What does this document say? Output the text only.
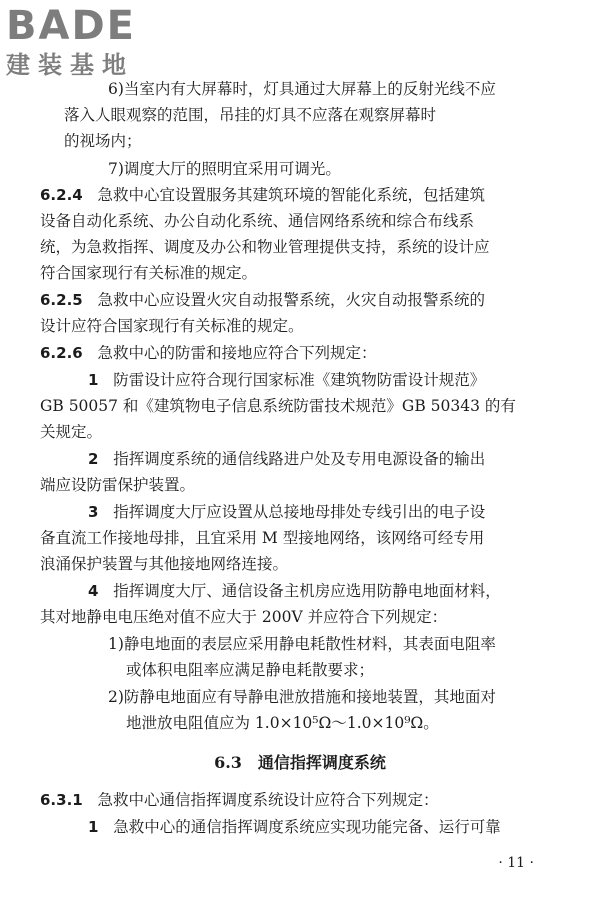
BADE
建装基地
6)当室内有大屏幕时，灯具通过大屏幕上的反射光线不应
落入人眼观察的范围，吊挂的灯具不应落在观察屏幕时
的视场内；
7)调度大厅的照明宜采用可调光。
6.2.4 急救中心宜设置服务其建筑环境的智能化系统，包括建筑
设备自动化系统、办公自动化系统、通信网络系统和综合布线系
统，为急救指挥、调度及办公和物业管理提供支持，系统的设计应
符合国家现行有关标准的规定。
6.2.5 急救中心应设置火灾自动报警系统，火灾自动报警系统的
设计应符合国家现行有关标准的规定。
6.2.6 急救中心的防雷和接地应符合下列规定：
1 防雷设计应符合现行国家标准《建筑物防雷设计规范》
GB 50057 和《建筑物电子信息系统防雷技术规范》GB 50343 的有
关规定。
2 指挥调度系统的通信线路进户处及专用电源设备的输出
端应设防雷保护装置。
3 指挥调度大厅应设置从总接地母排处专线引出的电子设
备直流工作接地母排，且宜采用 M 型接地网络，该网络可经专用
浪涌保护装置与其他接地网络连接。
4 指挥调度大厅、通信设备主机房应选用防静电地面材料，
其对地静电电压绝对值不应大于 200V 并应符合下列规定：
1)静电地面的表层应采用静电耗散性材料，其表面电阻率
或体积电阻率应满足静电耗散要求；
2)防静电地面应有导静电泄放措施和接地装置，其地面对
地泄放电阻值应为 1.0×10⁵Ω～1.0×10⁹Ω。
6.3　通信指挥调度系统
6.3.1 急救中心通信指挥调度系统设计应符合下列规定：
1 急救中心的通信指挥调度系统应实现功能完备、运行可靠
· 11 ·
